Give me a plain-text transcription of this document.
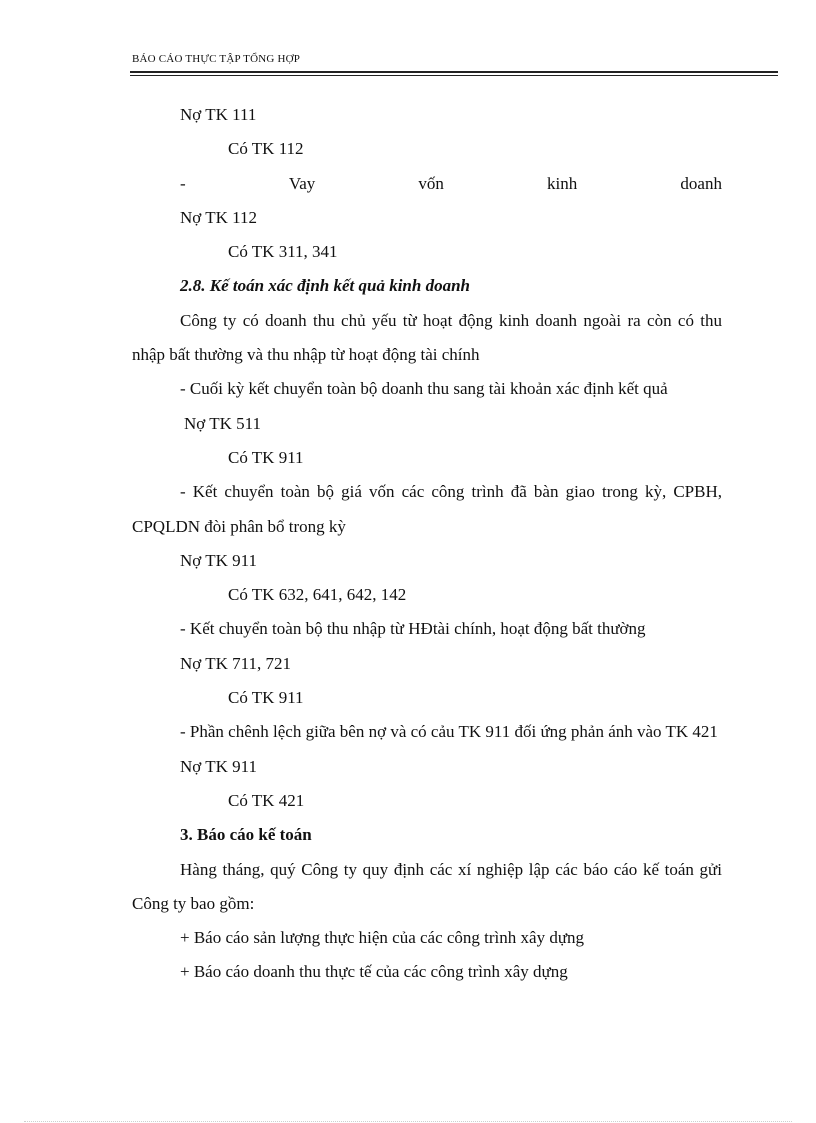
BÁO CÁO THỰC TẬP TỔNG HỢP

Nợ TK 111

Có TK 112

-	Vay	vốn	kinh	doanh

Nợ TK 112

Có TK 311, 341

2.8. Kế toán xác định kết quả kinh doanh

Công ty có doanh thu chủ yếu từ hoạt động kinh doanh ngoài ra còn có thu nhập bất thường và thu nhập từ hoạt động tài chính

- Cuối kỳ kết chuyển toàn bộ doanh thu sang tài khoản xác định kết quả

Nợ TK 511

Có TK 911

- Kết chuyển toàn bộ giá vốn các công trình đã bàn giao trong kỳ, CPBH, CPQLDN đòi phân bổ trong kỳ

Nợ TK 911

Có TK 632, 641, 642, 142

- Kết chuyển toàn bộ thu nhập từ HĐtài chính, hoạt động bất thường

Nợ TK 711, 721

Có TK 911

- Phần chênh lệch giữa bên nợ và có cảu TK 911 đối ứng phản ánh vào TK 421

Nợ TK 911

Có TK 421

3. Báo cáo kế toán

Hàng tháng, quý Công ty quy định các xí nghiệp lập các báo cáo kế toán gửi Công ty bao gồm:

+ Báo cáo sản lượng thực hiện của các công trình xây dựng

+ Báo cáo doanh thu thực tế của các công trình xây dựng
